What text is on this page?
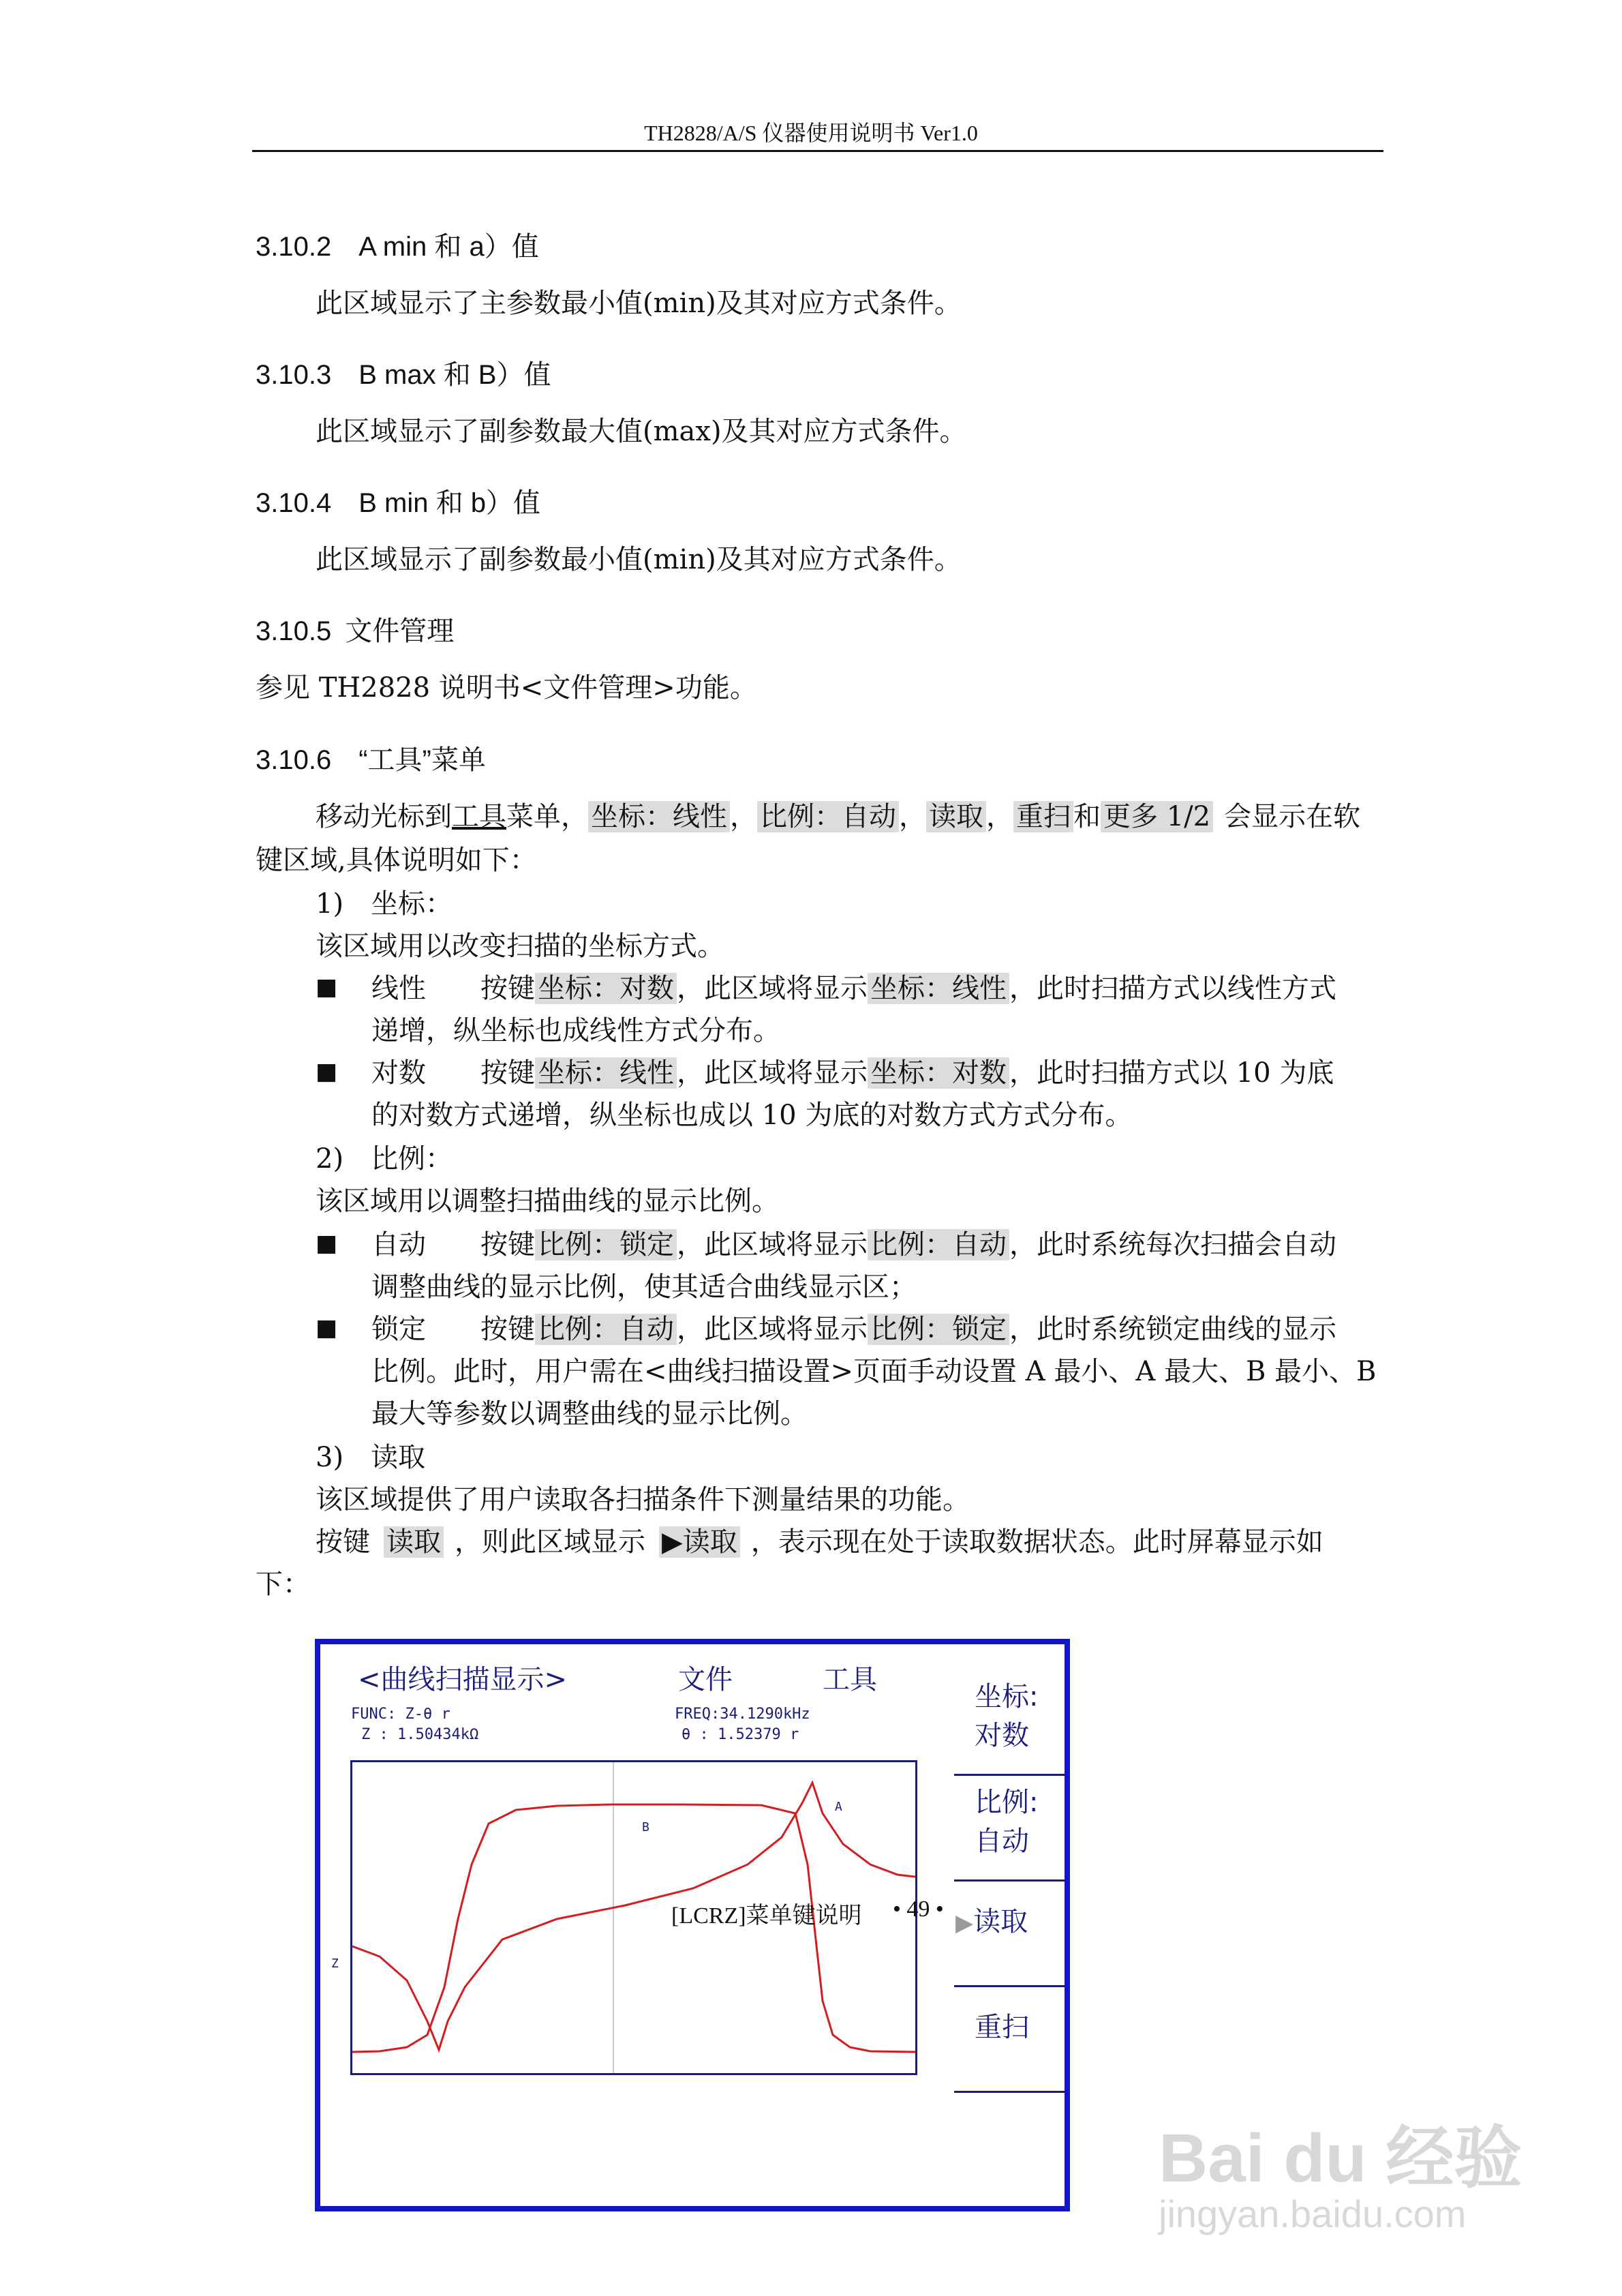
TH2828/A/S 仪器使用说明书 Ver1.0
3.10.2 A min 和 a）值
此区域显示了主参数最小值(min)及其对应方式条件。
3.10.3 B max 和 B）值
此区域显示了副参数最大值(max)及其对应方式条件。
3.10.4 B min 和 b）值
此区域显示了副参数最小值(min)及其对应方式条件。
3.10.5 文件管理
参见 TH2828 说明书<文件管理>功能。
3.10.6 “工具”菜单
移动光标到工具菜单， 坐标：线性 ， 比例：自动 ， 读取 ， 重扫 和 更多 1/2 会显示在软
键区域,具体说明如下：
1) 坐标：
该区域用以改变扫描的坐标方式。
■ 线性 按键 坐标：对数 ，此区域将显示 坐标：线性 ，此时扫描方式以线性方式
递增，纵坐标也成线性方式分布。
■ 对数 按键 坐标：线性 ，此区域将显示 坐标：对数 ，此时扫描方式以 10 为底
的对数方式递增，纵坐标也成以 10 为底的对数方式方式分布。
2) 比例：
该区域用以调整扫描曲线的显示比例。
■ 自动 按键 比例：锁定 ，此区域将显示 比例：自动 ，此时系统每次扫描会自动
调整曲线的显示比例，使其适合曲线显示区；
■ 锁定 按键 比例：自动 ，此区域将显示 比例：锁定 ，此时系统锁定曲线的显示
比例。此时，用户需在<曲线扫描设置>页面手动设置 A 最小、A 最大、B 最小、B
最大等参数以调整曲线的显示比例。
3) 读取
该区域提供了用户读取各扫描条件下测量结果的功能。
按键 读取 ，则此区域显示 ▶读取 ，表示现在处于读取数据状态。此时屏幕显示如
下：
<曲线扫描显示>	文件	工具
FUNC: Z-θ r
Z : 1.50434kΩ
FREQ:34.1290kHz
θ : 1.52379 r
A
B
Z
坐标:
对数
比例:
自动
▶读取
重扫
[LCRZ]菜单键说明 • 49 •
Bai du 经验
jingyan.baidu.com
